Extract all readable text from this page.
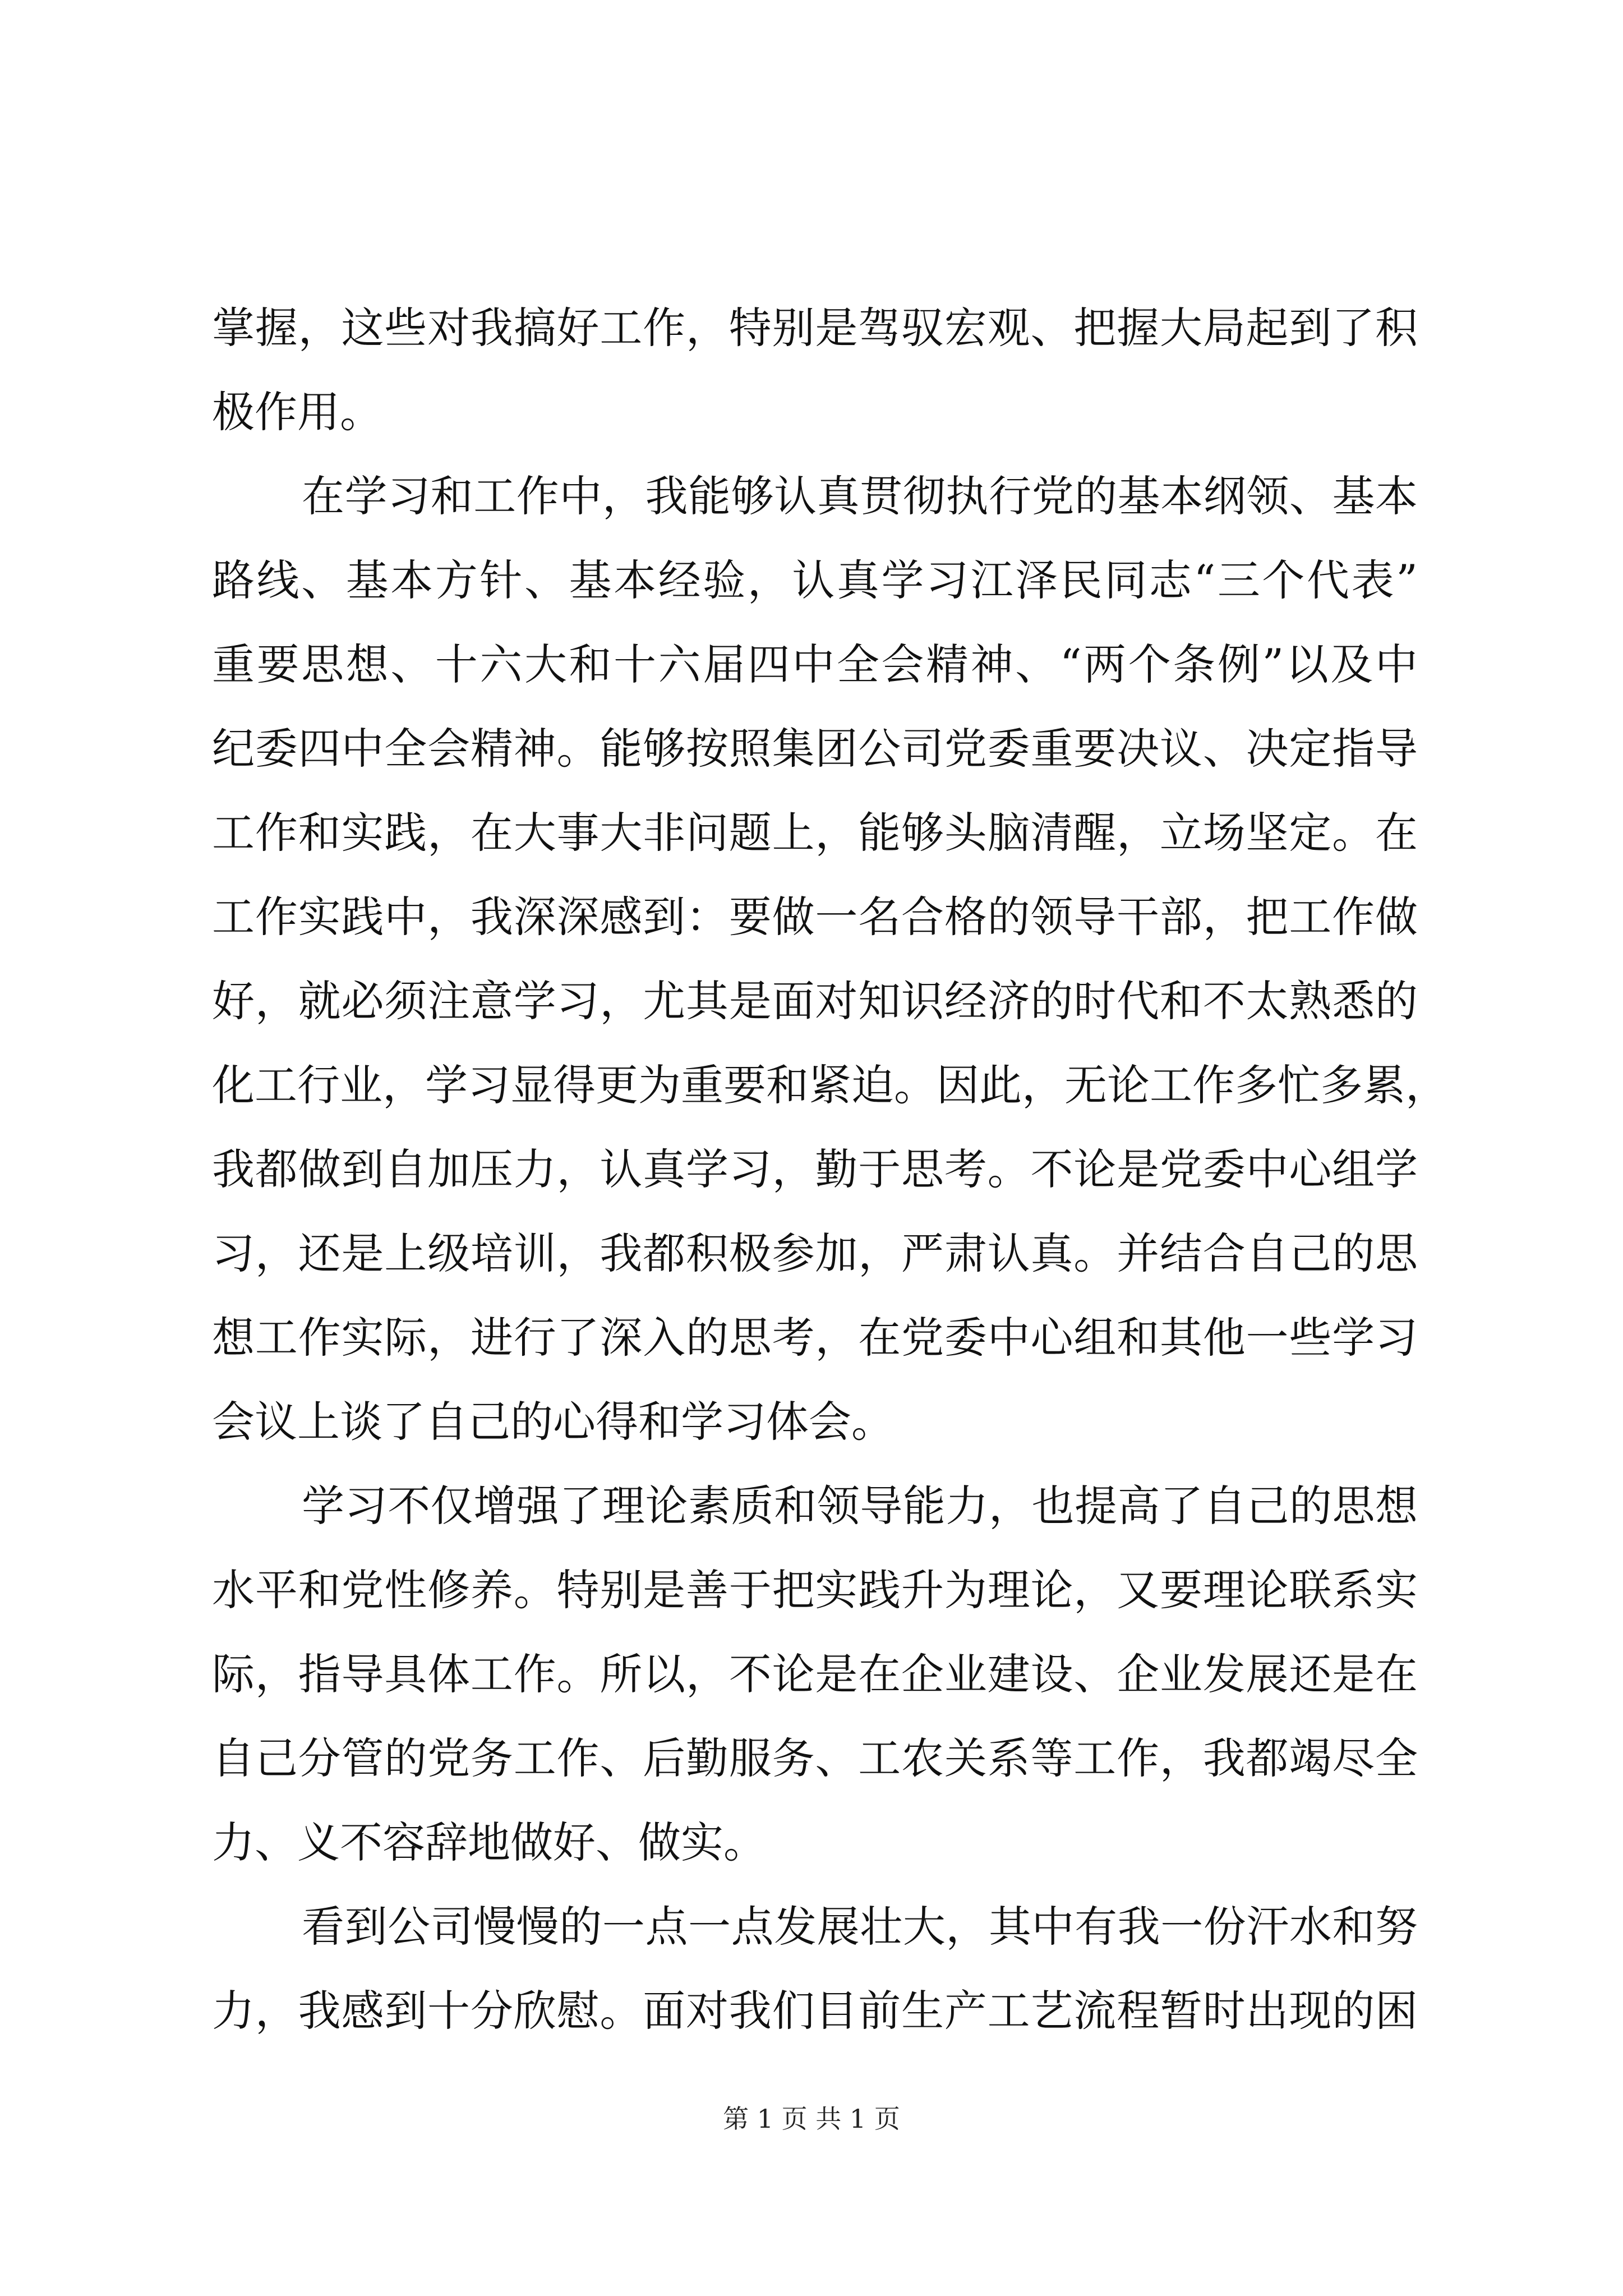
掌握，这些对我搞好工作，特别是驾驭宏观、把握大局起到了积
极作用。
在学习和工作中，我能够认真贯彻执行党的基本纲领、基本
路线、基本方针、基本经验，认真学习江泽民同志“三个代表”
重要思想、十六大和十六届四中全会精神、“两个条例”以及中
纪委四中全会精神。能够按照集团公司党委重要决议、决定指导
工作和实践，在大事大非问题上，能够头脑清醒，立场坚定。在
工作实践中，我深深感到：要做一名合格的领导干部，把工作做
好，就必须注意学习，尤其是面对知识经济的时代和不太熟悉的
化工行业，学习显得更为重要和紧迫。因此，无论工作多忙多累，
我都做到自加压力，认真学习，勤于思考。不论是党委中心组学
习，还是上级培训，我都积极参加，严肃认真。并结合自己的思
想工作实际，进行了深入的思考，在党委中心组和其他一些学习
会议上谈了自己的心得和学习体会。
学习不仅增强了理论素质和领导能力，也提高了自己的思想
水平和党性修养。特别是善于把实践升为理论，又要理论联系实
际，指导具体工作。所以，不论是在企业建设、企业发展还是在
自己分管的党务工作、后勤服务、工农关系等工作，我都竭尽全
力、义不容辞地做好、做实。
看到公司慢慢的一点一点发展壮大，其中有我一份汗水和努
力，我感到十分欣慰。面对我们目前生产工艺流程暂时出现的困
第 1 页 共 1 页
